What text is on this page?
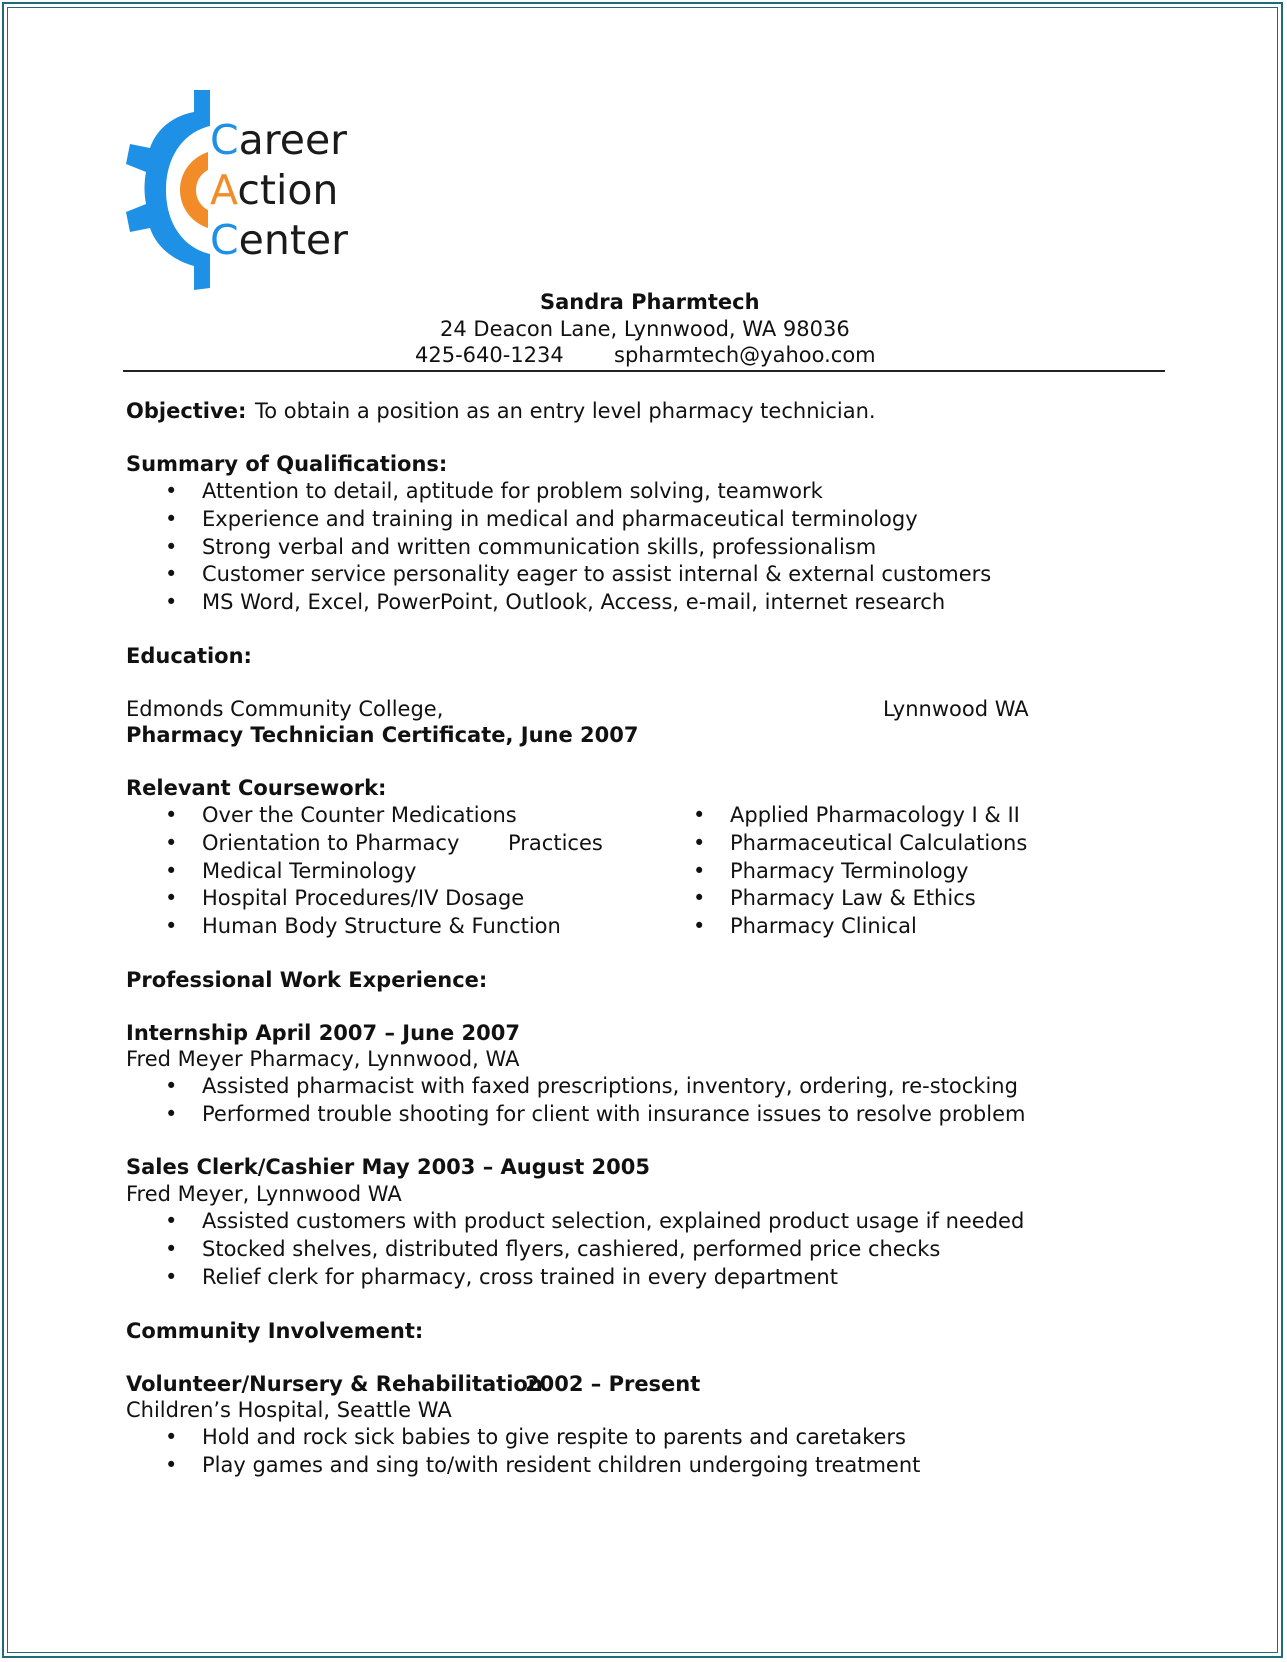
Career
Action
Center
Sandra Pharmtech
24 Deacon Lane, Lynnwood, WA 98036
425-640-1234 spharmtech@yahoo.com
Objective: To obtain a position as an entry level pharmacy technician.
Summary of Qualifications:
• Attention to detail, aptitude for problem solving, teamwork
• Experience and training in medical and pharmaceutical terminology
• Strong verbal and written communication skills, professionalism
• Customer service personality eager to assist internal & external customers
• MS Word, Excel, PowerPoint, Outlook, Access, e-mail, internet research
Education:
Edmonds Community College,	Lynnwood WA
Pharmacy Technician Certificate, June 2007
Relevant Coursework:
• Over the Counter Medications
• Orientation to Pharmacy
• Medical Terminology
• Hospital Procedures/IV Dosage
• Human Body Structure & Function
Practices
• Applied Pharmacology I & II
• Pharmaceutical Calculations
• Pharmacy Terminology
• Pharmacy Law & Ethics
• Pharmacy Clinical
Professional Work Experience:
Internship April 2007 – June 2007
Fred Meyer Pharmacy, Lynnwood, WA
• Assisted pharmacist with faxed prescriptions, inventory, ordering, re-stocking
• Performed trouble shooting for client with insurance issues to resolve problem
Sales Clerk/Cashier May 2003 – August 2005
Fred Meyer, Lynnwood WA
• Assisted customers with product selection, explained product usage if needed
• Stocked shelves, distributed flyers, cashiered, performed price checks
• Relief clerk for pharmacy, cross trained in every department
Community Involvement:
Volunteer/Nursery & Rehabilitation
2002 – Present
Children’s Hospital, Seattle WA
• Hold and rock sick babies to give respite to parents and caretakers
• Play games and sing to/with resident children undergoing treatment
